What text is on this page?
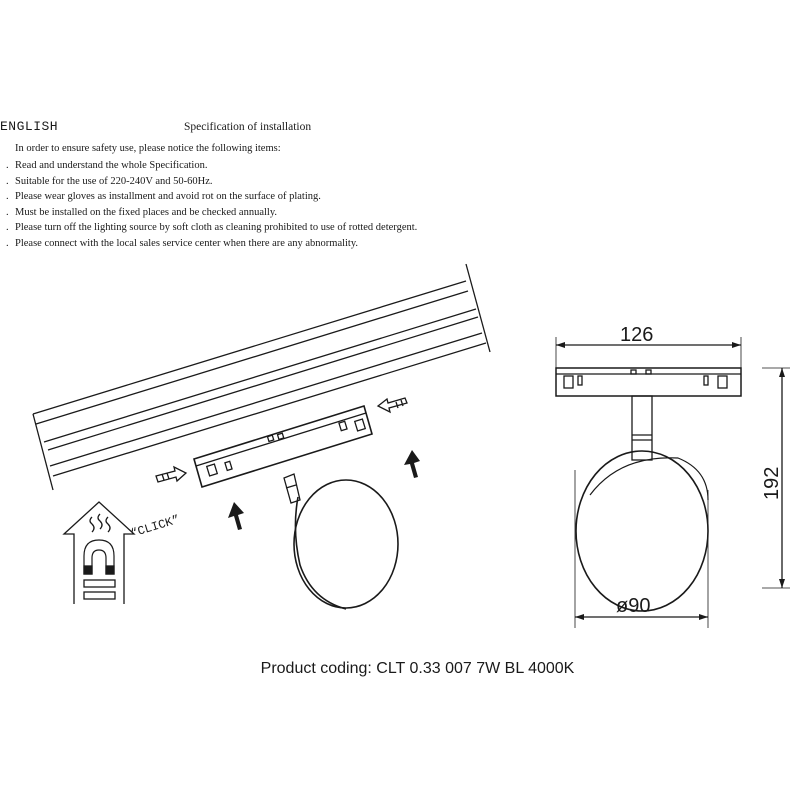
ENGLISH	Specification of installation
In order to ensure safety use, please notice the following items:
. Read and understand the whole Specification.
. Suitable for the use of 220-240V and 50-60Hz.
. Please wear gloves as installment and avoid rot on the surface of plating.
. Must be installed on the fixed places and be checked annually.
. Please turn off the lighting source by soft cloth as cleaning prohibited to use of rotted detergent.
. Please connect with the local sales service center when there are any abnormality.
“CLICK”
126
192
ø90
Product coding: CLT 0.33 007 7W BL 4000K
